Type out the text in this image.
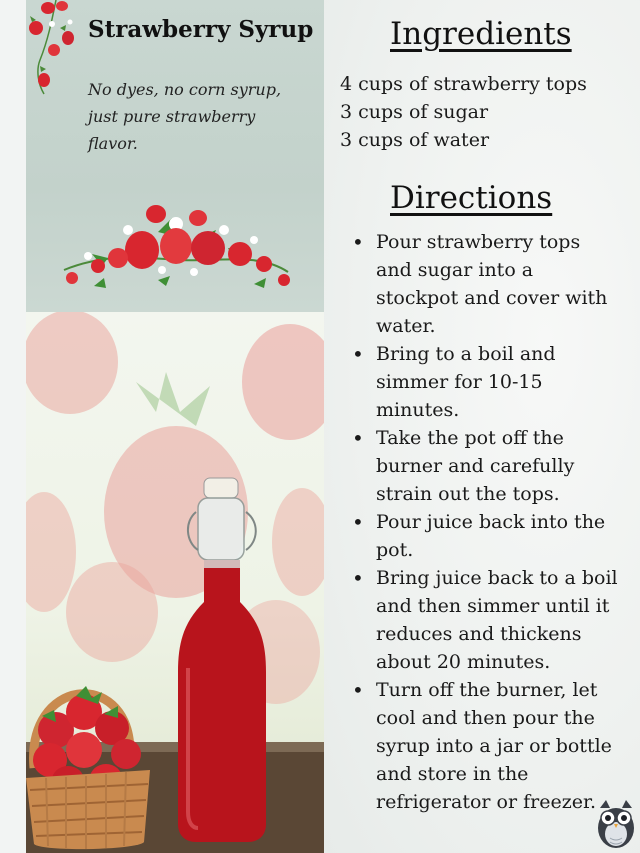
Strawberry Syrup
No dyes, no corn syrup, just pure strawberry flavor.
Ingredients
4 cups of strawberry tops
3 cups of sugar
3 cups of water
Directions
• Pour strawberry tops and sugar into a stockpot and cover with water.
• Bring to a boil and simmer for 10-15 minutes.
• Take the pot off the burner and carefully strain out the tops.
• Pour juice back into the pot.
• Bring juice back to a boil and then simmer until it reduces and thickens about 20 minutes.
• Turn off the burner, let cool and then pour the syrup into a jar or bottle and store in the refrigerator or freezer.
